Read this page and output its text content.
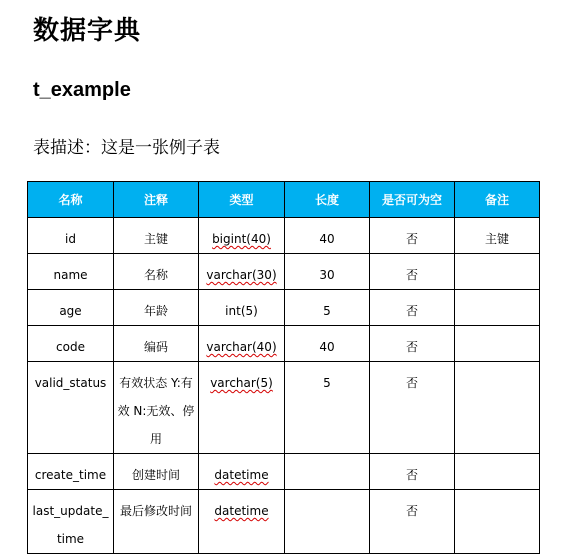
数据字典
t_example
表描述：这是一张例子表
名称	注释	类型	长度	是否可为空	备注
id	主键	bigint(40)	40	否	主键
name	名称	varchar(30)	30	否	
age	年龄	int(5)	5	否	
code	编码	varchar(40)	40	否	
valid_status	有效状态 Y:有效 N:无效、停用	varchar(5)	5	否	
create_time	创建时间	datetime		否	
last_update_time	最后修改时间	datetime		否	
